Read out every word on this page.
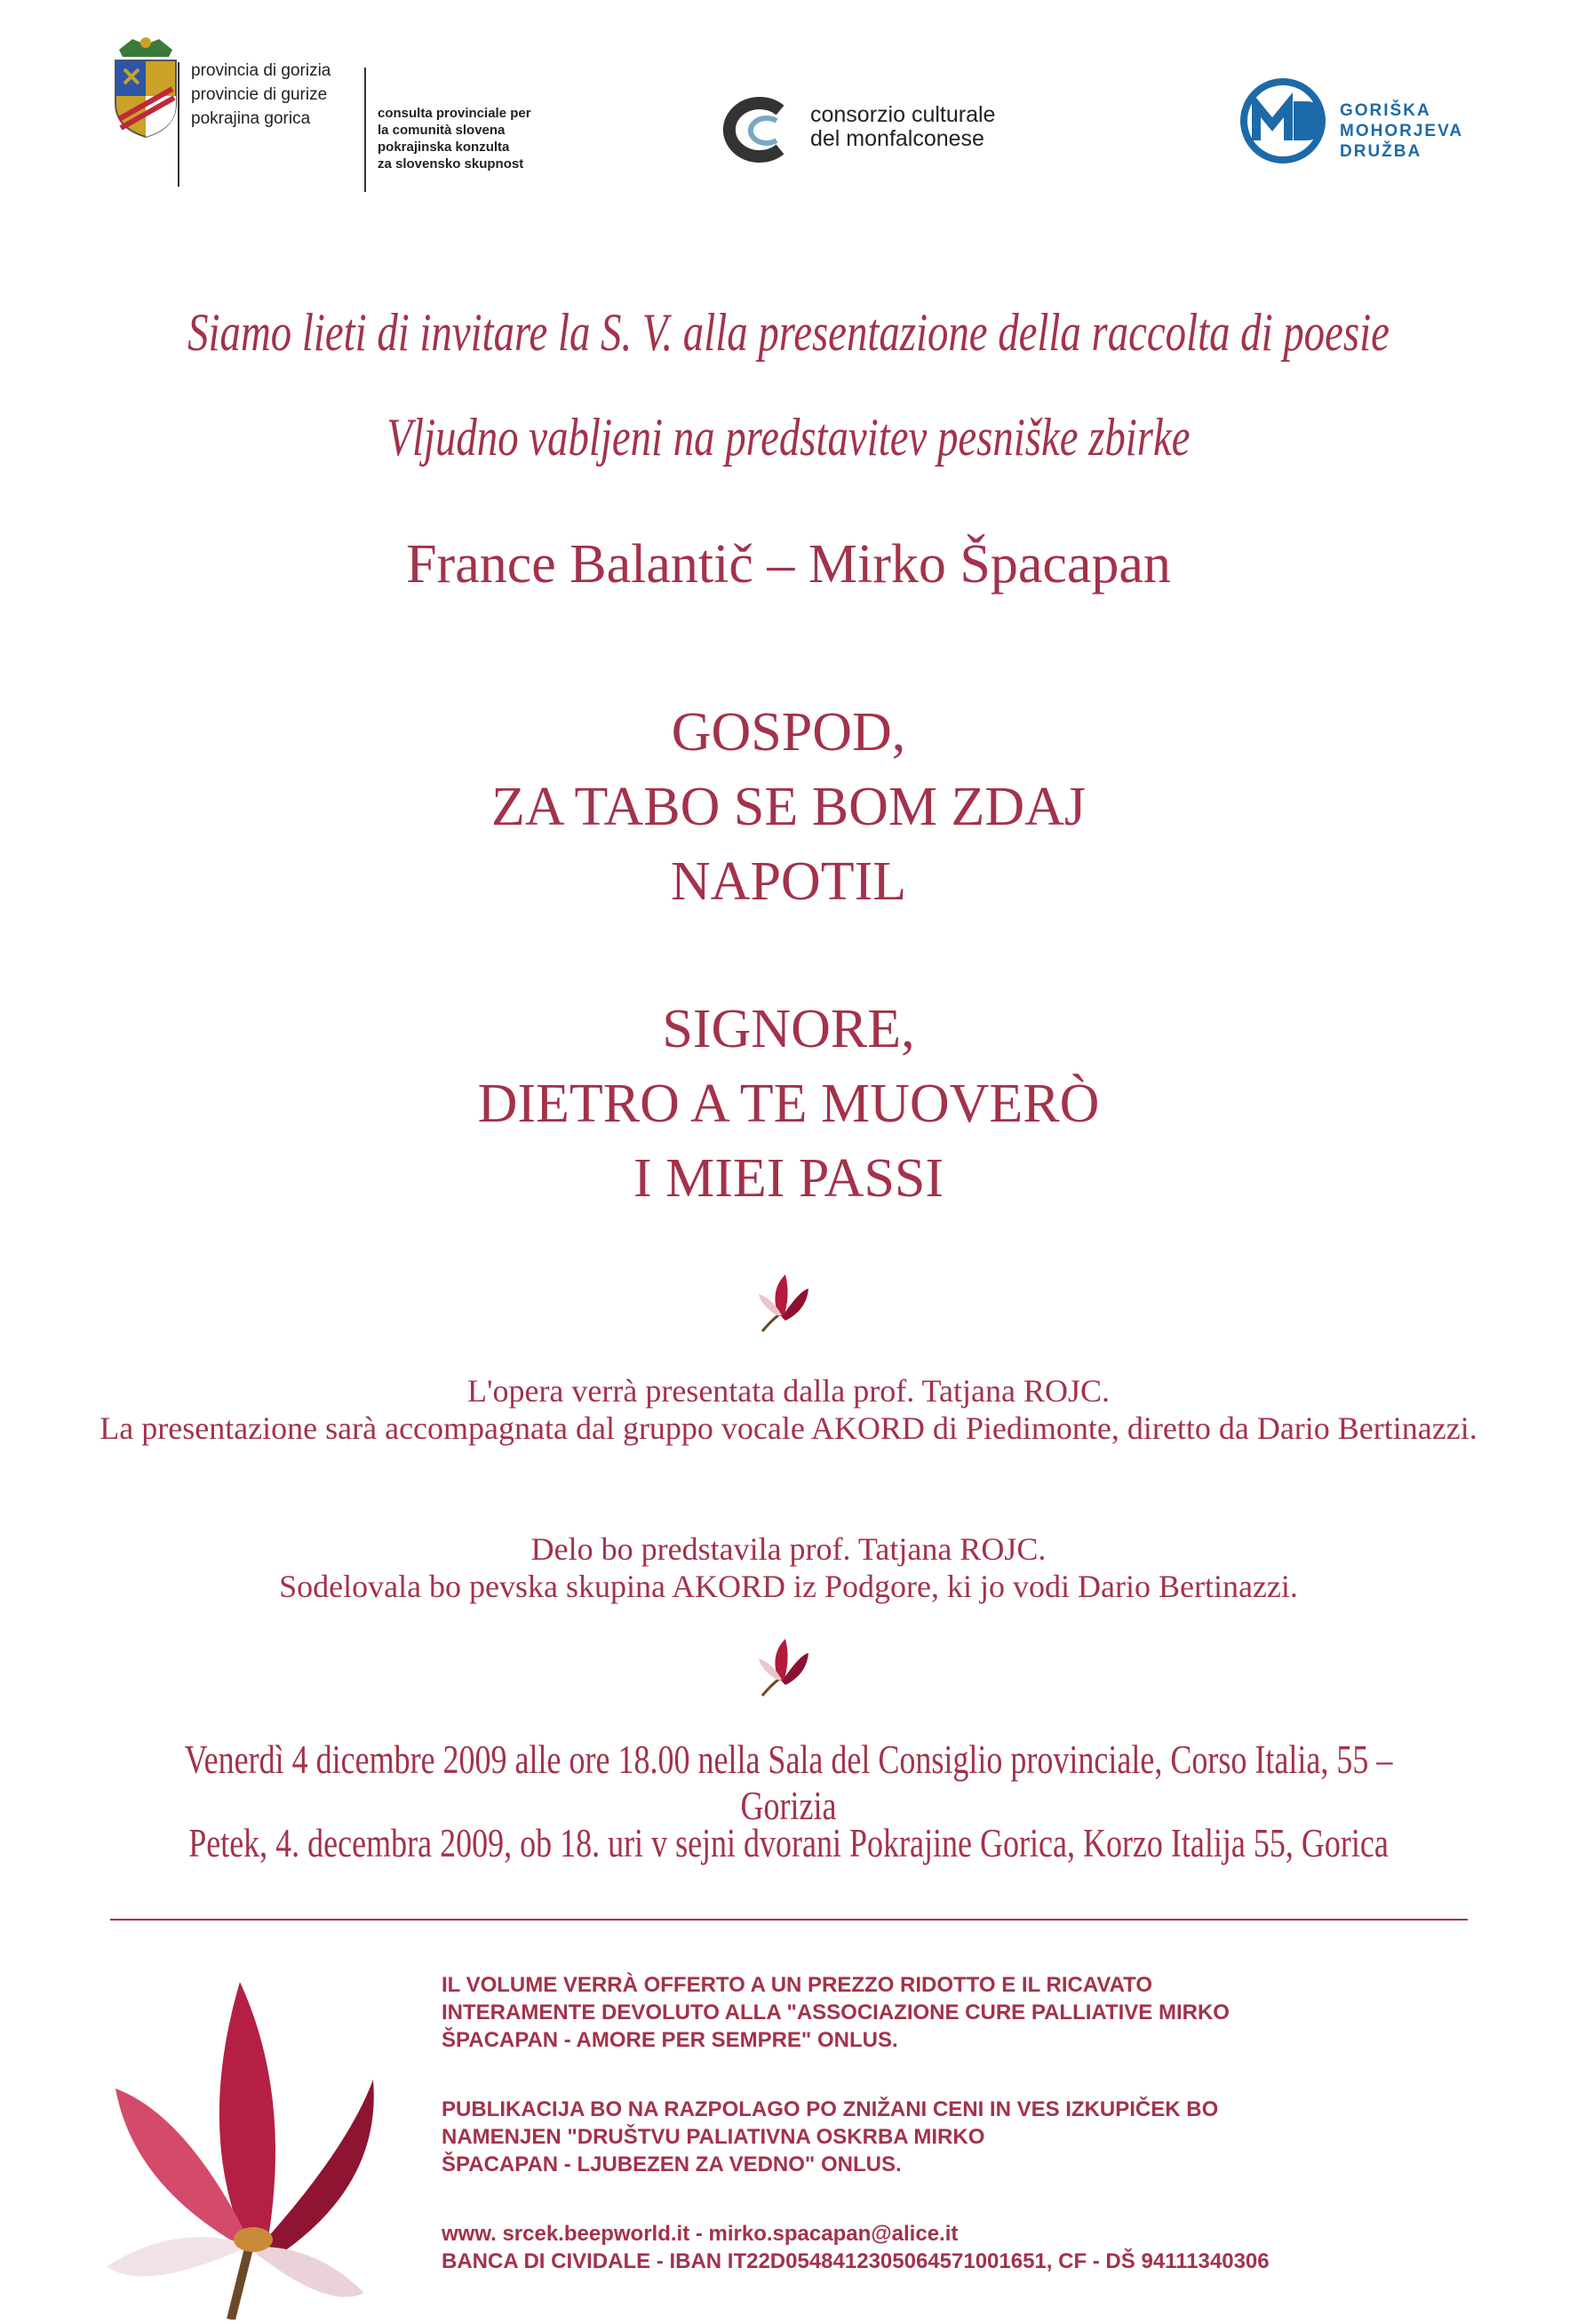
provincia di gorizia
provincie di gurize
pokrajina gorica	consulta provinciale per
la comunità slovena
pokrajinska konzulta
za slovensko skupnost
consorzio culturale
del monfalconese
GORIŠKA
MOHORJEVA
DRUŽBA
Siamo lieti di invitare la S. V. alla presentazione della raccolta di poesie
Vljudno vabljeni na predstavitev pesniške zbirke
France Balantič – Mirko Špacapan
GOSPOD,
ZA TABO SE BOM ZDAJ
NAPOTIL
SIGNORE,
DIETRO A TE MUOVERÒ
I MIEI PASSI
L'opera verrà presentata dalla prof. Tatjana ROJC.
La presentazione sarà accompagnata dal gruppo vocale AKORD di Piedimonte, diretto da Dario Bertinazzi.
Delo bo predstavila prof. Tatjana ROJC.
Sodelovala bo pevska skupina AKORD iz Podgore, ki jo vodi Dario Bertinazzi.
Venerdì 4 dicembre 2009 alle ore 18.00 nella Sala del Consiglio provinciale, Corso Italia, 55 – Gorizia
Petek, 4. decembra 2009, ob 18. uri v sejni dvorani Pokrajine Gorica, Korzo Italija 55, Gorica
IL VOLUME VERRÀ OFFERTO A UN PREZZO RIDOTTO E IL RICAVATO
INTERAMENTE DEVOLUTO ALLA "ASSOCIAZIONE CURE PALLIATIVE MIRKO
ŠPACAPAN - AMORE PER SEMPRE" ONLUS.
PUBLIKACIJA BO NA RAZPOLAGO PO ZNIŽANI CENI IN VES IZKUPIČEK BO
NAMENJEN "DRUŠTVU PALIATIVNA OSKRBA MIRKO
ŠPACAPAN - LJUBEZEN ZA VEDNO" ONLUS.
www. srcek.beepworld.it - mirko.spacapan@alice.it
BANCA DI CIVIDALE - IBAN IT22D0548412305064571001651, CF - DŠ 94111340306
